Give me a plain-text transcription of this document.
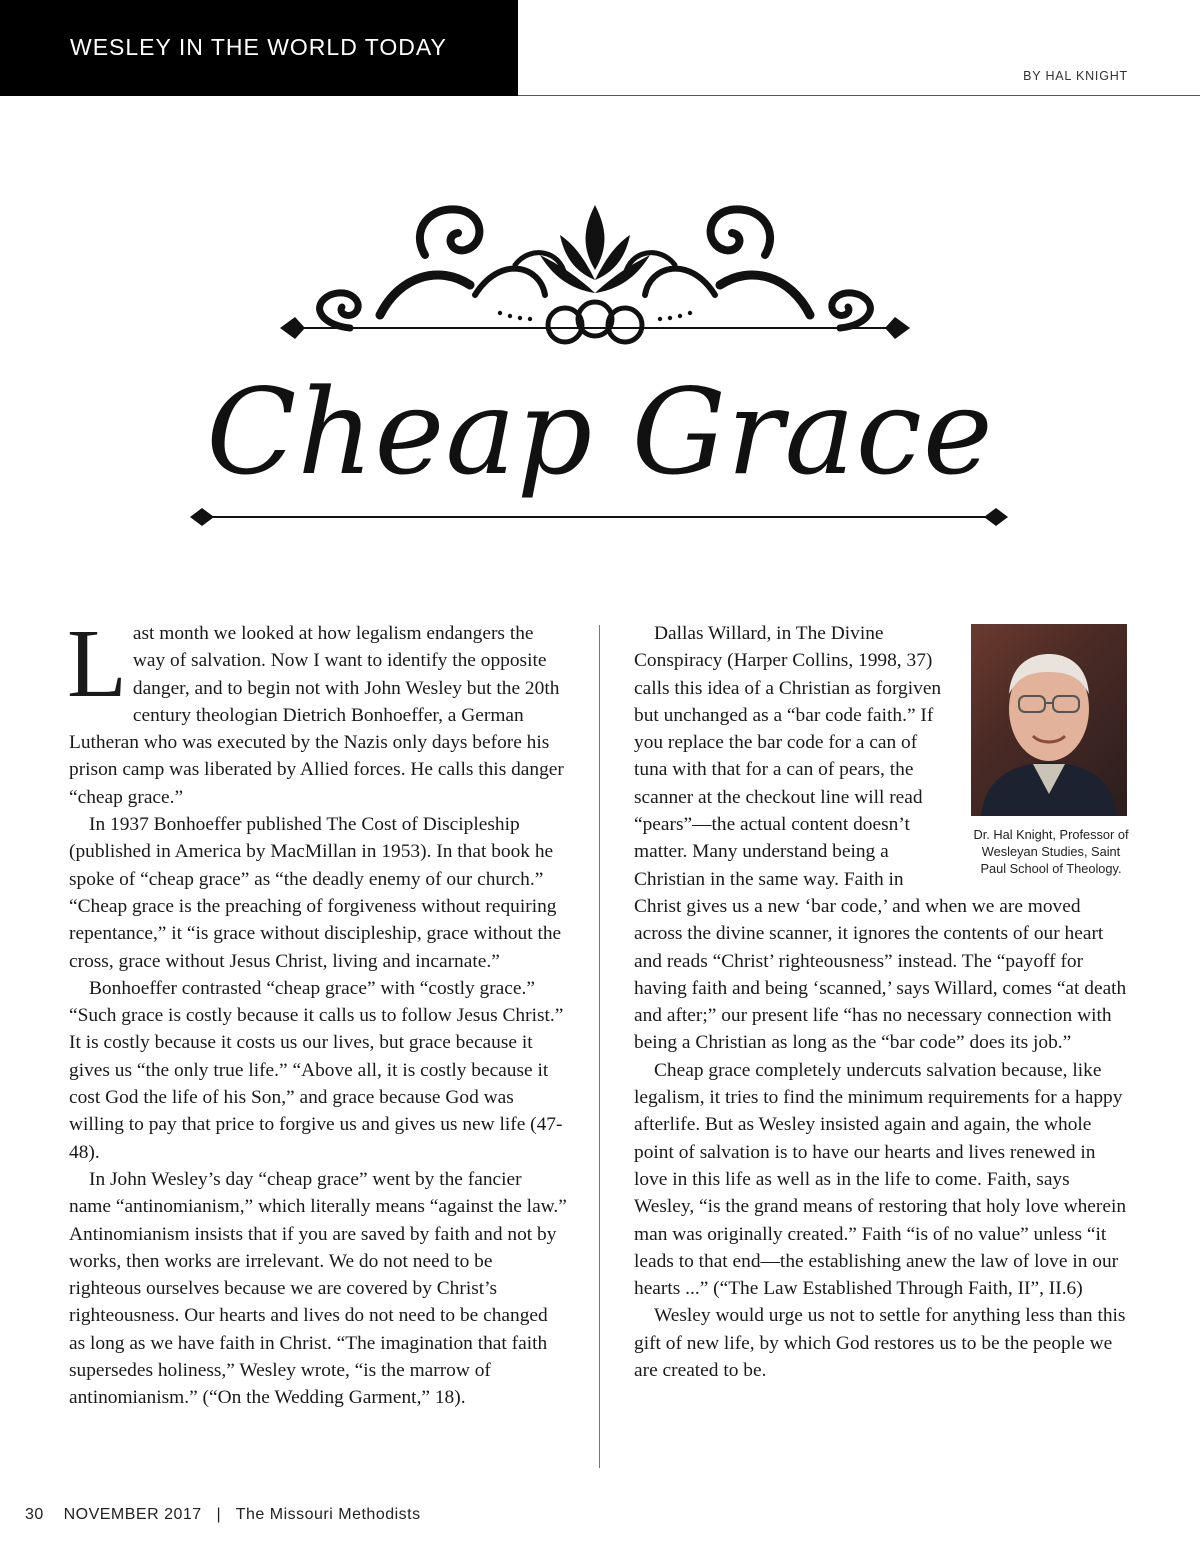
WESLEY IN THE WORLD TODAY
BY HAL KNIGHT
Cheap Grace

Last month we looked at how legalism endangers the way of salvation. Now I want to identify the opposite danger, and to begin not with John Wesley but the 20th century theologian Dietrich Bonhoeffer, a German Lutheran who was executed by the Nazis only days before his prison camp was liberated by Allied forces. He calls this danger “cheap grace.”

In 1937 Bonhoeffer published The Cost of Discipleship (published in America by MacMillan in 1953). In that book he spoke of “cheap grace” as “the deadly enemy of our church.” “Cheap grace is the preaching of forgiveness without requiring repentance,” it “is grace without discipleship, grace without the cross, grace without Jesus Christ, living and incarnate.”

Bonhoeffer contrasted “cheap grace” with “costly grace.” “Such grace is costly because it calls us to follow Jesus Christ.” It is costly because it costs us our lives, but grace because it gives us “the only true life.” “Above all, it is costly because it cost God the life of his Son,” and grace because God was willing to pay that price to forgive us and gives us new life (47-48).

In John Wesley’s day “cheap grace” went by the fancier name “antinomianism,” which literally means “against the law.” Antinomianism insists that if you are saved by faith and not by works, then works are irrelevant. We do not need to be righteous ourselves because we are covered by Christ’s righteousness. Our hearts and lives do not need to be changed as long as we have faith in Christ. “The imagination that faith supersedes holiness,” Wesley wrote, “is the marrow of antinomianism.” (“On the Wedding Garment,” 18).

Dr. Hal Knight, Professor of Wesleyan Studies, Saint Paul School of Theology.

Dallas Willard, in The Divine Conspiracy (Harper Collins, 1998, 37) calls this idea of a Christian as forgiven but unchanged as a “bar code faith.” If you replace the bar code for a can of tuna with that for a can of pears, the scanner at the checkout line will read “pears”—the actual content doesn’t matter. Many understand being a Christian in the same way. Faith in Christ gives us a new ‘bar code,’ and when we are moved across the divine scanner, it ignores the contents of our heart and reads “Christ’ righteousness” instead. The “payoff for having faith and being ‘scanned,’ says Willard, comes “at death and after;” our present life “has no necessary connection with being a Christian as long as the “bar code” does its job.”

Cheap grace completely undercuts salvation because, like legalism, it tries to find the minimum requirements for a happy afterlife. But as Wesley insisted again and again, the whole point of salvation is to have our hearts and lives renewed in love in this life as well as in the life to come. Faith, says Wesley, “is the grand means of restoring that holy love wherein man was originally created.” Faith “is of no value” unless “it leads to that end—the establishing anew the law of love in our hearts ...” (“The Law Established Through Faith, II”, II.6)

Wesley would urge us not to settle for anything less than this gift of new life, by which God restores us to be the people we are created to be.

30 NOVEMBER 2017 | The Missouri Methodists
